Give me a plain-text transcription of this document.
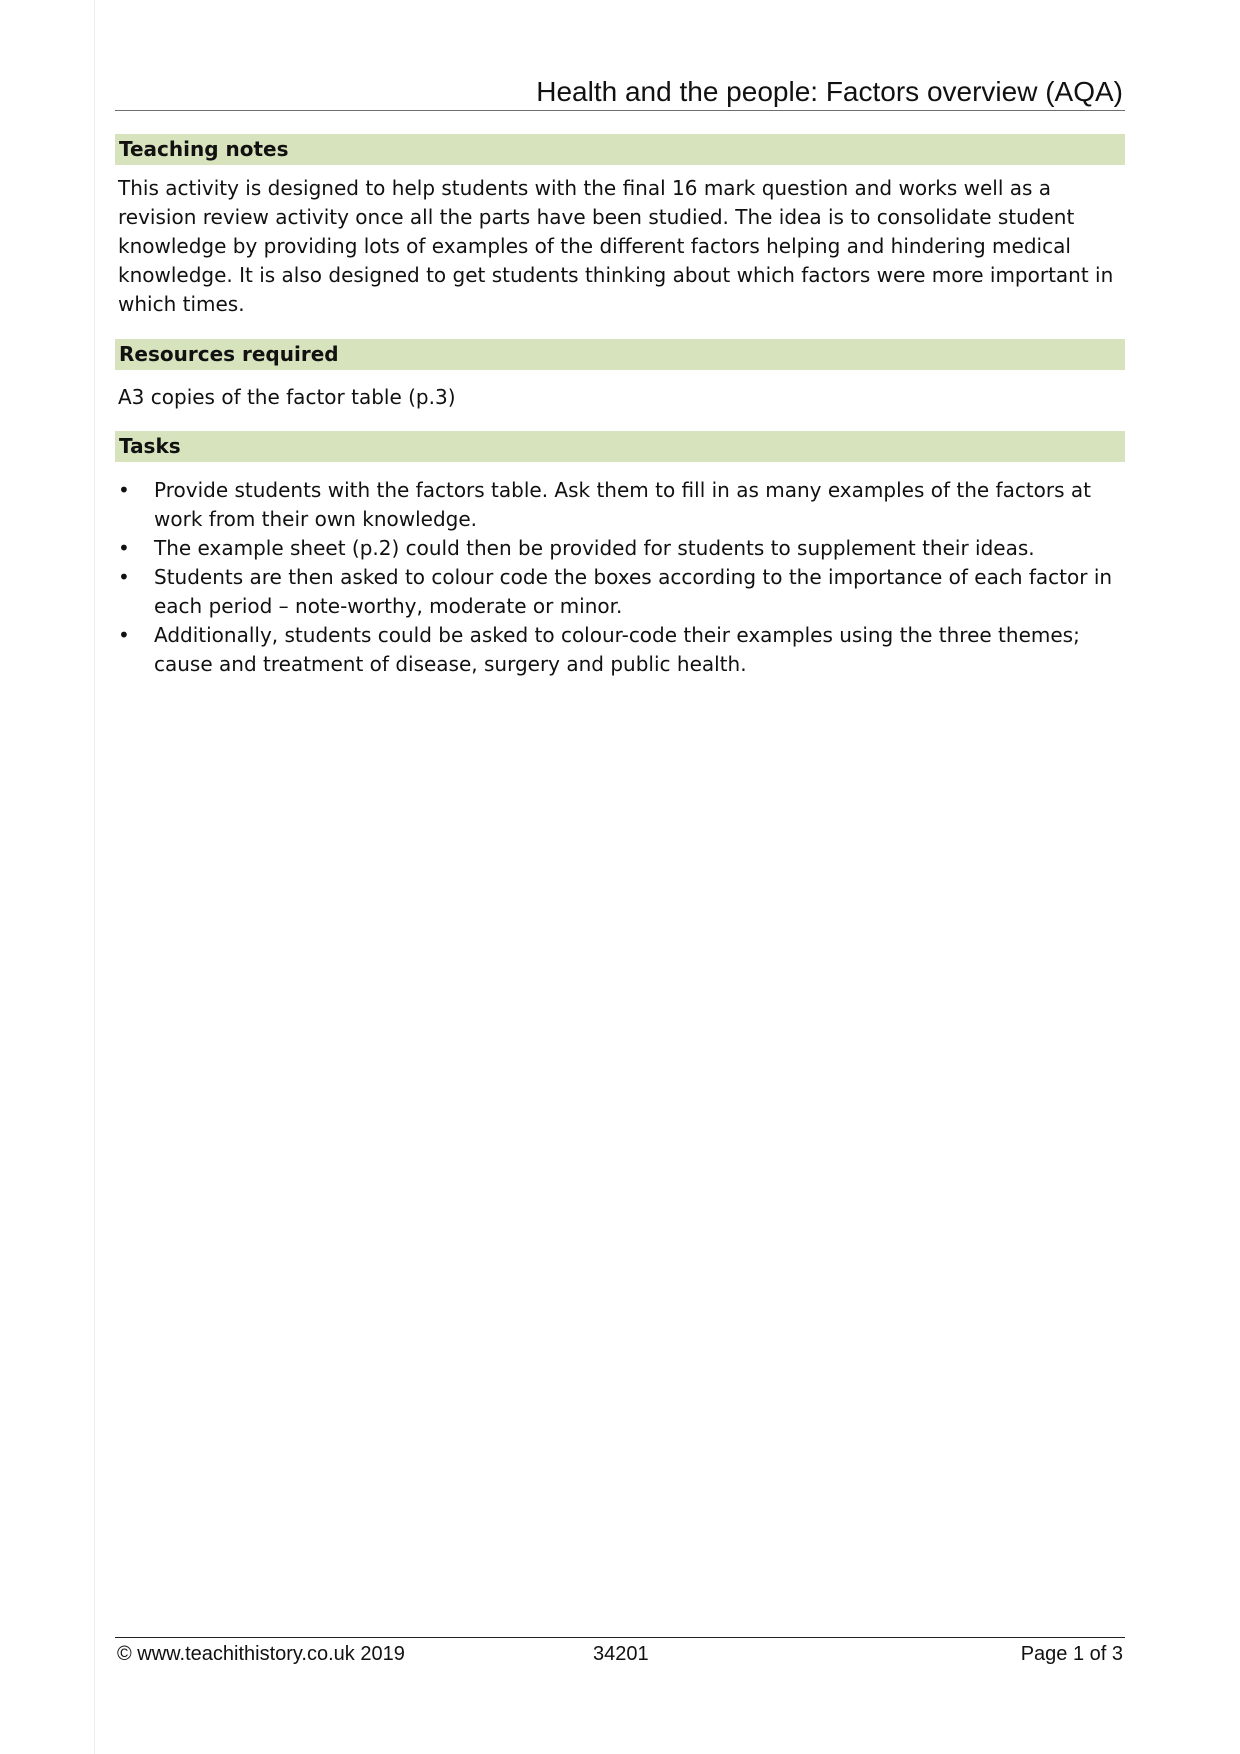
Health and the people: Factors overview (AQA)
Teaching notes
This activity is designed to help students with the final 16 mark question and works well as a revision review activity once all the parts have been studied. The idea is to consolidate student knowledge by providing lots of examples of the different factors helping and hindering medical knowledge. It is also designed to get students thinking about which factors were more important in which times.
Resources required
A3 copies of the factor table (p.3)
Tasks
• Provide students with the factors table. Ask them to fill in as many examples of the factors at work from their own knowledge.
• The example sheet (p.2) could then be provided for students to supplement their ideas.
• Students are then asked to colour code the boxes according to the importance of each factor in each period – note-worthy, moderate or minor.
• Additionally, students could be asked to colour-code their examples using the three themes; cause and treatment of disease, surgery and public health.
© www.teachithistory.co.uk 2019	34201	Page 1 of 3
